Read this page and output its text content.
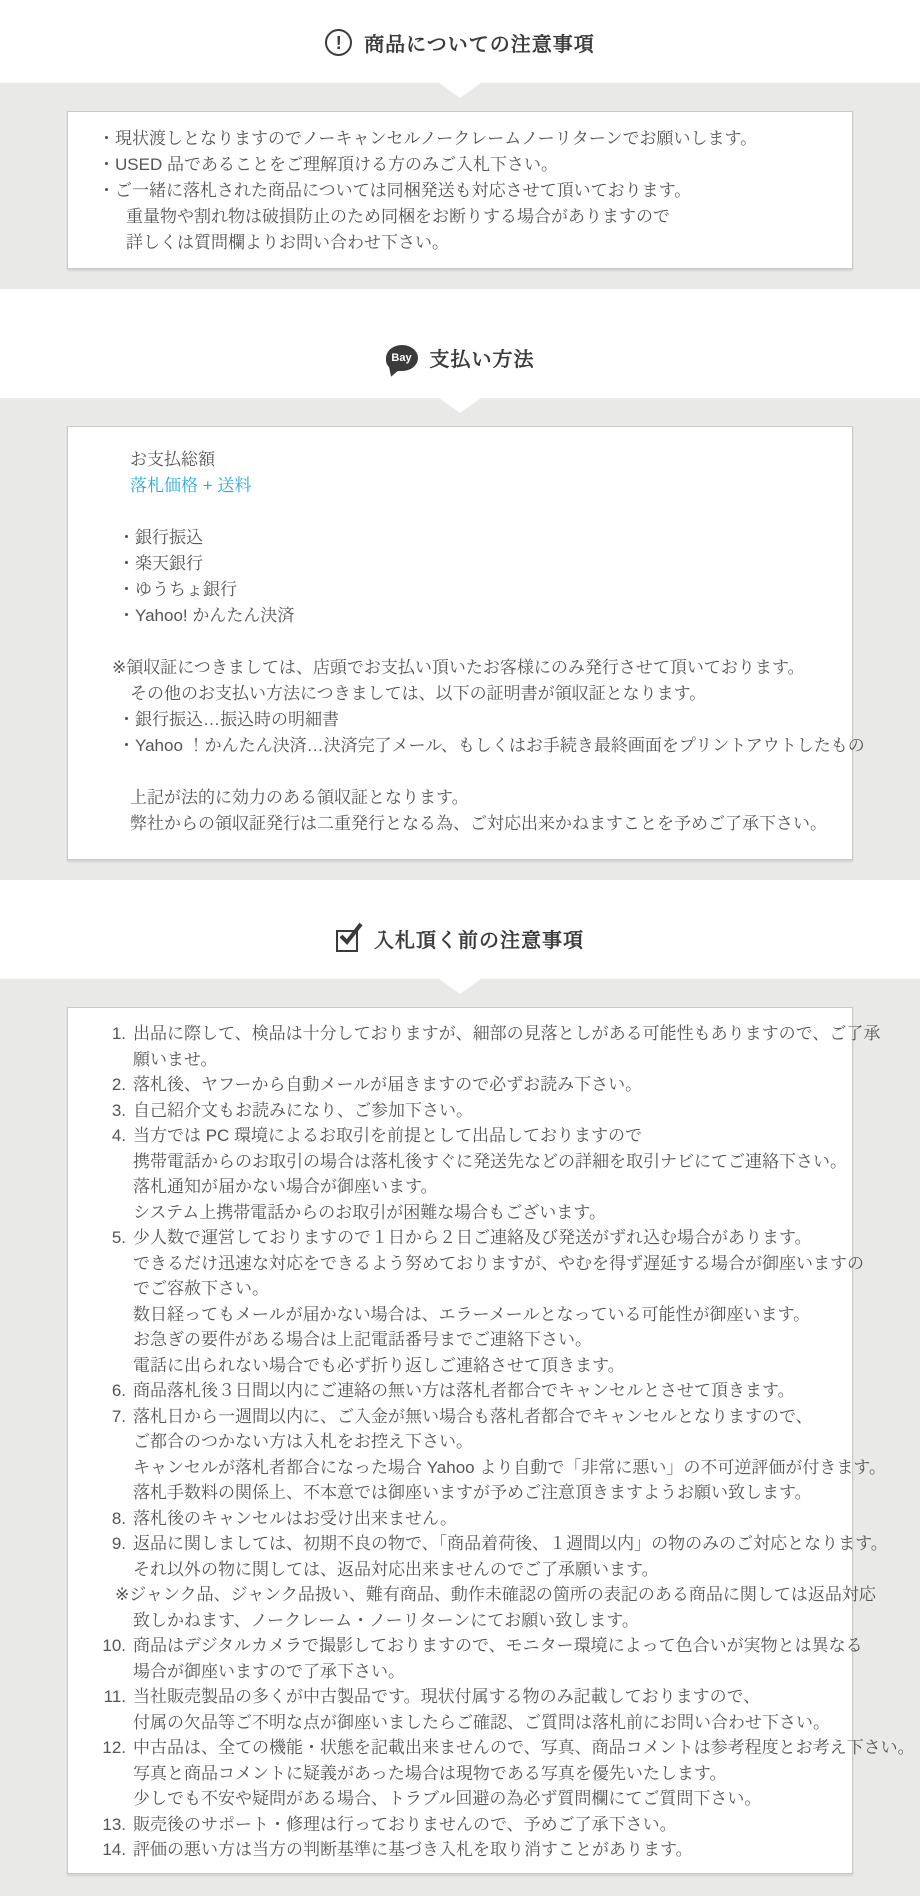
!	商品についての注意事項
・現状渡しとなりますのでノーキャンセルノークレームノーリターンでお願いします。
・USED 品であることをご理解頂ける方のみご入札下さい。
・ご一緒に落札された商品については同梱発送も対応させて頂いております。
重量物や割れ物は破損防止のため同梱をお断りする場合がありますので
詳しくは質問欄よりお問い合わせ下さい。
Bay 支払い方法
お支払総額
落札価格 + 送料
・銀行振込
・楽天銀行
・ゆうちょ銀行
・Yahoo! かんたん決済
※領収証につきましては、店頭でお支払い頂いたお客様にのみ発行させて頂いております。
その他のお支払い方法につきましては、以下の証明書が領収証となります。
・銀行振込…振込時の明細書
・Yahoo ！かんたん決済…決済完了メール、もしくはお手続き最終画面をプリントアウトしたもの
上記が法的に効力のある領収証となります。
弊社からの領収証発行は二重発行となる為、ご対応出来かねますことを予めご了承下さい。
入札頂く前の注意事項
1. 出品に際して、検品は十分しておりますが、細部の見落としがある可能性もありますので、ご了承
願いませ。
2. 落札後、ヤフーから自動メールが届きますので必ずお読み下さい。
3. 自己紹介文もお読みになり、ご参加下さい。
4. 当方では PC 環境によるお取引を前提として出品しておりますので
携帯電話からのお取引の場合は落札後すぐに発送先などの詳細を取引ナビにてご連絡下さい。
落札通知が届かない場合が御座います。
システム上携帯電話からのお取引が困難な場合もございます。
5. 少人数で運営しておりますので１日から２日ご連絡及び発送がずれ込む場合があります。
できるだけ迅速な対応をできるよう努めておりますが、やむを得ず遅延する場合が御座いますの
でご容赦下さい。
数日経ってもメールが届かない場合は、エラーメールとなっている可能性が御座います。
お急ぎの要件がある場合は上記電話番号までご連絡下さい。
電話に出られない場合でも必ず折り返しご連絡させて頂きます。
6. 商品落札後３日間以内にご連絡の無い方は落札者都合でキャンセルとさせて頂きます。
7. 落札日から一週間以内に、ご入金が無い場合も落札者都合でキャンセルとなりますので、
ご都合のつかない方は入札をお控え下さい。
キャンセルが落札者都合になった場合 Yahoo より自動で「非常に悪い」の不可逆評価が付きます。
落札手数料の関係上、不本意では御座いますが予めご注意頂きますようお願い致します。
8. 落札後のキャンセルはお受け出来ません。
9. 返品に関しましては、初期不良の物で、「商品着荷後、１週間以内」の物のみのご対応となります。
それ以外の物に関しては、返品対応出来ませんのでご了承願います。
※ジャンク品、ジャンク品扱い、難有商品、動作未確認の箇所の表記のある商品に関しては返品対応
致しかねます、ノークレーム・ノーリターンにてお願い致します。
10. 商品はデジタルカメラで撮影しておりますので、モニター環境によって色合いが実物とは異なる
場合が御座いますので了承下さい。
11. 当社販売製品の多くが中古製品です。現状付属する物のみ記載しておりますので、
付属の欠品等ご不明な点が御座いましたらご確認、ご質問は落札前にお問い合わせ下さい。
12. 中古品は、全ての機能・状態を記載出来ませんので、写真、商品コメントは参考程度とお考え下さい。
写真と商品コメントに疑義があった場合は現物である写真を優先いたします。
少しでも不安や疑問がある場合、トラブル回避の為必ず質問欄にてご質問下さい。
13. 販売後のサポート・修理は行っておりませんので、予めご了承下さい。
14. 評価の悪い方は当方の判断基準に基づき入札を取り消すことがあります。
